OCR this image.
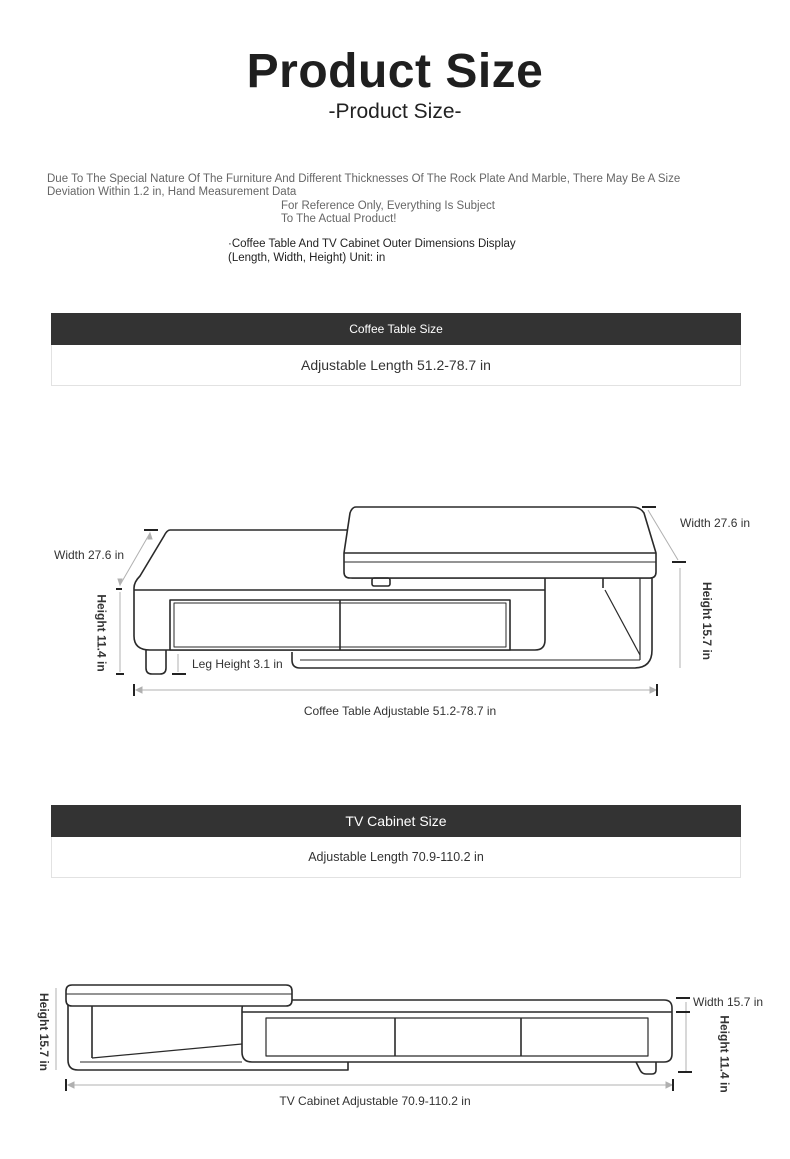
Product Size
-Product Size-
Due To The Special Nature Of The Furniture And Different Thicknesses Of The Rock Plate And Marble, There May Be A Size
Deviation Within 1.2 in, Hand Measurement Data
For Reference Only, Everything Is Subject
To The Actual Product!
·Coffee Table And TV Cabinet Outer Dimensions Display
(Length, Width, Height) Unit: in
Coffee Table Size
Adjustable Length 51.2-78.7 in
Width 27.6 in
Width 27.6 in
Height 11.4 in	Height 15.7 in
Leg Height 3.1 in
Coffee Table Adjustable 51.2-78.7 in
TV Cabinet Size
Adjustable Length 70.9-110.2 in
Height 15.7 in	Width 15.7 in
Height 11.4 in
TV Cabinet Adjustable 70.9-110.2 in
